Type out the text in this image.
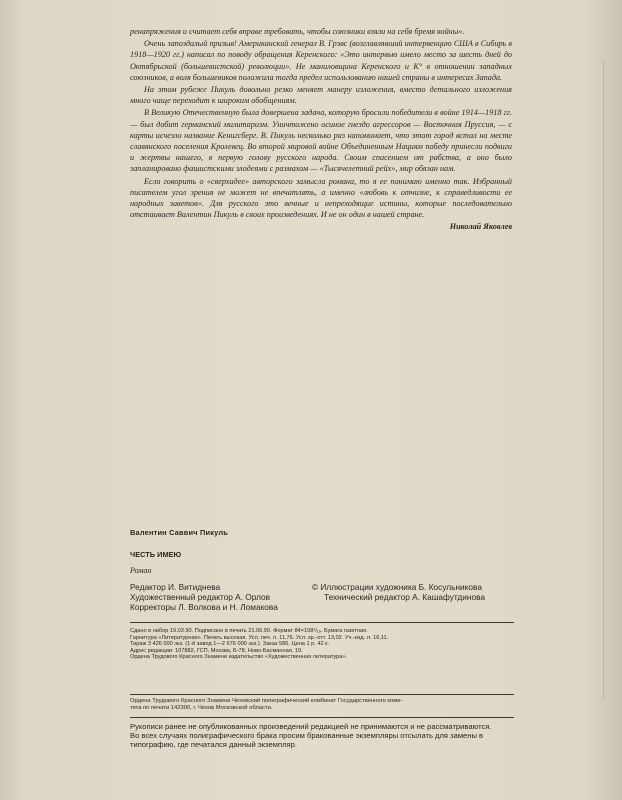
ренапряжения и считает себя вправе требовать, чтобы союзники взяли на себя бремя войны».

Очень запоздалый призыв! Американский генерал В. Грэвс (возглавлявший интервенцию США в Сибирь в 1918—1920 гг.) написал по поводу обращения Керенского: «Это интервью имело место за шесть дней до Октябрьской (большевистской) революции». Не маниловщина Керенского и К° в отношении западных союзников, а воля большевиков положила тогда предел использованию нашей страны в интересах Запада.

На этом рубеже Пикуль довольно резко меняет манеру изложения, вместо детального изложения много чаще переходит к широким обобщениям.

В Великую Отечественную была довершена задача, которую бросили победители в войне 1914—1918 гг. — был добит германский милитаризм. Уничтожено осиное гнездо агрессоров — Восточная Пруссия, — с карты исчезло название Кенигсберг. В. Пикуль несколько раз напоминает, что этот город встал на месте славянского поселения Кролевец. Во второй мировой войне Объединенным Нациям победу принесли подвиги и жертвы нашего, в первую голову русского народа. Своим спасением от рабства, а оно было запланировано фашистскими злодеями с размахом — «Тысячелетний рейх», мир обязан нам.

Если говорить о «сверхидее» авторского замысла романа, то я ее понимаю именно так. Избранный писателем угол зрения не может не впечатлять, а именно «любовь к отчизне, к справедливости ее народных заветов». Для русского это вечные и непреходящие истины, которые последовательно отстаивает Валентин Пикуль в своих произведениях. И не он один в нашей стране.

Николай Яковлев
Валентин Саввич Пикуль
ЧЕСТЬ ИМЕЮ
Роман
Редактор И. Витиднева
Художественный редактор А. Орлов
Корректоры Л. Волкова и Н. Ломакова
© Иллюстрации художника Б. Косульникова
Технический редактор А. Кашафутдинова
Сдано в набор 19.03.90. Подписано в печать 21.06.90. Формат 84×108¹/₁₆. Бумага газетная.
Гарнитура «Литературная». Печать высокая. Усл. печ. л. 11,76. Усл. кр.-отт. 13,02. Уч.-изд. л. 16,11.
Тираж 3 426 000 экз. (1-й завод 1—2 676 000 экз.). Заказ 586. Цена 1 р. 42 к.
Адрес редакции: 107882, ГСП, Москва, Б-78, Ново-Басманная, 19.
Ордена Трудового Красного Знамени издательство «Художественная литература».
Ордена Трудового Красного Знамени Чеховский полиграфический комбинат Государственного коми-
тета по печати 142300, г. Чехов Московской области.

Рукописи ранее не опубликованных произведений редакцией не принимаются и не рассматриваются.

Во всех случаях полиграфического брака просим бракованные экземпляры отсылать для замены в типографию, где печатался данный экземпляр.
